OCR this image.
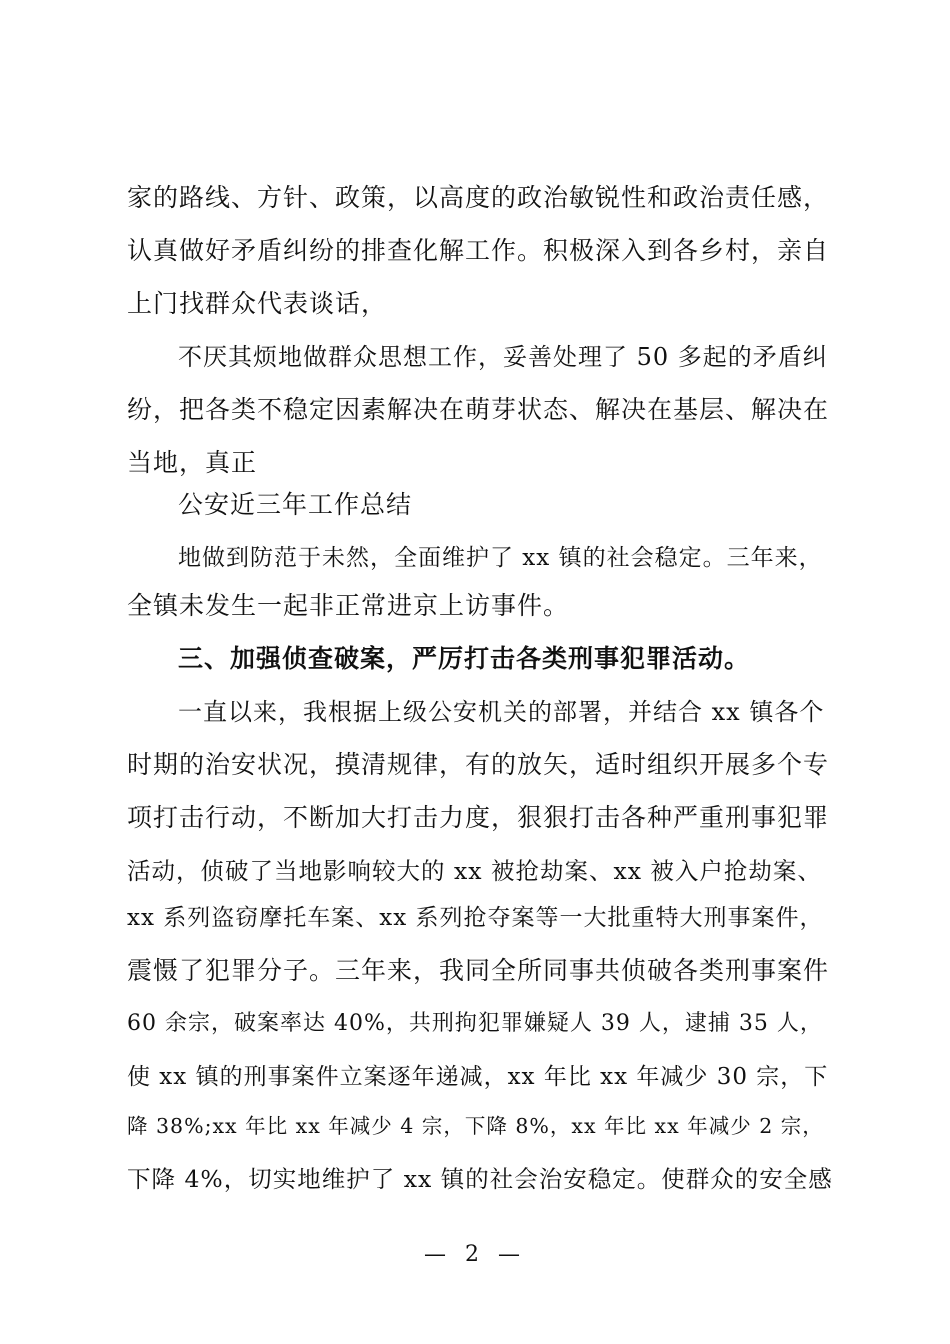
家的路线、方针、政策，以高度的政治敏锐性和政治责任感，
认真做好矛盾纠纷的排查化解工作。积极深入到各乡村，亲自
上门找群众代表谈话，
不厌其烦地做群众思想工作，妥善处理了 50 多起的矛盾纠
纷，把各类不稳定因素解决在萌芽状态、解决在基层、解决在
当地，真正
公安近三年工作总结
地做到防范于未然，全面维护了 xx 镇的社会稳定。三年来，
全镇未发生一起非正常进京上访事件。
三、加强侦查破案，严厉打击各类刑事犯罪活动。
一直以来，我根据上级公安机关的部署，并结合 xx 镇各个
时期的治安状况，摸清规律，有的放矢，适时组织开展多个专
项打击行动，不断加大打击力度，狠狠打击各种严重刑事犯罪
活动，侦破了当地影响较大的 xx 被抢劫案、xx 被入户抢劫案、
xx 系列盗窃摩托车案、xx 系列抢夺案等一大批重特大刑事案件，
震慑了犯罪分子。三年来，我同全所同事共侦破各类刑事案件
60 余宗，破案率达 40%，共刑拘犯罪嫌疑人 39 人，逮捕 35 人，
使 xx 镇的刑事案件立案逐年递减，xx 年比 xx 年减少 30 宗，下
降 38%;xx 年比 xx 年减少 4 宗，下降 8%，xx 年比 xx 年减少 2 宗，
下降 4%，切实地维护了 xx 镇的社会治安稳定。使群众的安全感
— 2 —
